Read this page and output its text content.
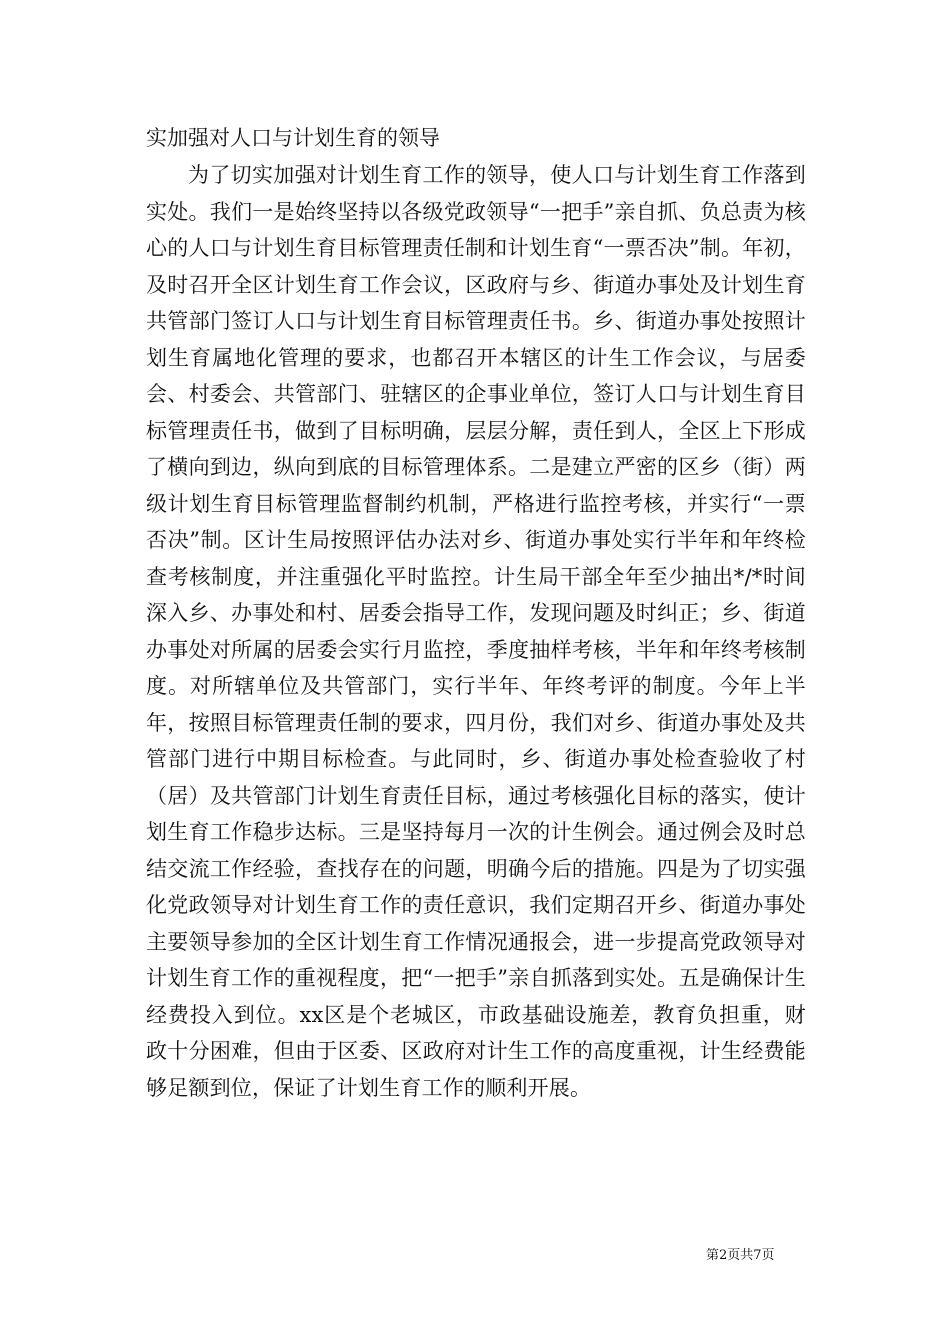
实加强对人口与计划生育的领导

为了切实加强对计划生育工作的领导，使人口与计划生育工作落到实处。我们一是始终坚持以各级党政领导“一把手”亲自抓、负总责为核心的人口与计划生育目标管理责任制和计划生育“一票否决”制。年初，及时召开全区计划生育工作会议，区政府与乡、街道办事处及计划生育共管部门签订人口与计划生育目标管理责任书。乡、街道办事处按照计划生育属地化管理的要求，也都召开本辖区的计生工作会议，与居委会、村委会、共管部门、驻辖区的企事业单位，签订人口与计划生育目标管理责任书，做到了目标明确，层层分解，责任到人，全区上下形成了横向到边，纵向到底的目标管理体系。二是建立严密的区乡（街）两级计划生育目标管理监督制约机制，严格进行监控考核，并实行“一票否决”制。区计生局按照评估办法对乡、街道办事处实行半年和年终检查考核制度，并注重强化平时监控。计生局干部全年至少抽出*/*时间深入乡、办事处和村、居委会指导工作，发现问题及时纠正；乡、街道办事处对所属的居委会实行月监控，季度抽样考核，半年和年终考核制度。对所辖单位及共管部门，实行半年、年终考评的制度。今年上半年，按照目标管理责任制的要求，四月份，我们对乡、街道办事处及共管部门进行中期目标检查。与此同时，乡、街道办事处检查验收了村（居）及共管部门计划生育责任目标，通过考核强化目标的落实，使计划生育工作稳步达标。三是坚持每月一次的计生例会。通过例会及时总结交流工作经验，查找存在的问题，明确今后的措施。四是为了切实强化党政领导对计划生育工作的责任意识，我们定期召开乡、街道办事处主要领导参加的全区计划生育工作情况通报会，进一步提高党政领导对计划生育工作的重视程度，把“一把手”亲自抓落到实处。五是确保计生经费投入到位。xx区是个老城区，市政基础设施差，教育负担重，财政十分困难，但由于区委、区政府对计生工作的高度重视，计生经费能够足额到位，保证了计划生育工作的顺利开展。

第2页共7页
